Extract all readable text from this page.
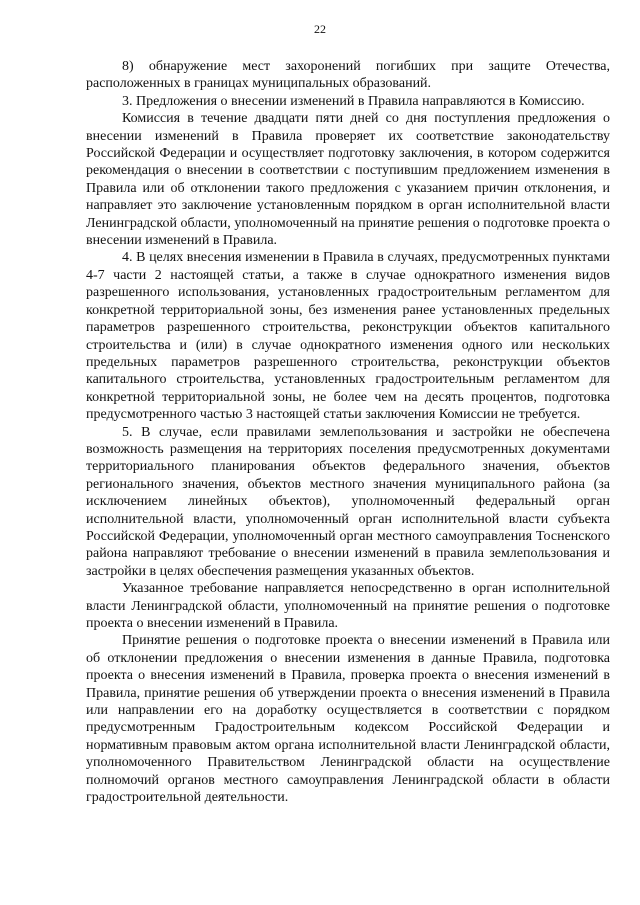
22

8) обнаружение мест захоронений погибших при защите Отечества, расположенных в границах муниципальных образований.

3. Предложения о внесении изменений в Правила направляются в Комиссию.

Комиссия в течение двадцати пяти дней со дня поступления предложения о внесении изменений в Правила проверяет их соответствие законодательству Российской Федерации и осуществляет подготовку заключения, в котором содержится рекомендация о внесении в соответствии с поступившим предложением изменения в Правила или об отклонении такого предложения с указанием причин отклонения, и направляет это заключение установленным порядком в орган исполнительной власти Ленинградской области, уполномоченный на принятие решения о подготовке проекта о внесении изменений в Правила.

4. В целях внесения изменении в Правила в случаях, предусмотренных пунктами 4-7 части 2 настоящей статьи, а также в случае однократного изменения видов разрешенного использования, установленных градостроительным регламентом для конкретной территориальной зоны, без изменения ранее установленных предельных параметров разрешенного строительства, реконструкции объектов капитального строительства и (или) в случае однократного изменения одного или нескольких предельных параметров разрешенного строительства, реконструкции объектов капитального строительства, установленных градостроительным регламентом для конкретной территориальной зоны, не более чем на десять процентов, подготовка предусмотренного частью 3 настоящей статьи заключения Комиссии не требуется.

5. В случае, если правилами землепользования и застройки не обеспечена возможность размещения на территориях поселения предусмотренных документами территориального планирования объектов федерального значения, объектов регионального значения, объектов местного значения муниципального района (за исключением линейных объектов), уполномоченный федеральный орган исполнительной власти, уполномоченный орган исполнительной власти субъекта Российской Федерации, уполномоченный орган местного самоуправления Тосненского района направляют требование о внесении изменений в правила землепользования и застройки в целях обеспечения размещения указанных объектов.

Указанное требование направляется непосредственно в орган исполнительной власти Ленинградской области, уполномоченный на принятие решения о подготовке проекта о внесении изменений в Правила.

Принятие решения о подготовке проекта о внесении изменений в Правила или об отклонении предложения о внесении изменения в данные Правила, подготовка проекта о внесения изменений в Правила, проверка проекта о внесения изменений в Правила, принятие решения об утверждении проекта о внесения изменений в Правила или направлении его на доработку осуществляется в соответствии с порядком предусмотренным Градостроительным кодексом Российской Федерации и нормативным правовым актом органа исполнительной власти Ленинградской области, уполномоченного Правительством Ленинградской области на осуществление полномочий органов местного самоуправления Ленинградской области в области градостроительной деятельности.
